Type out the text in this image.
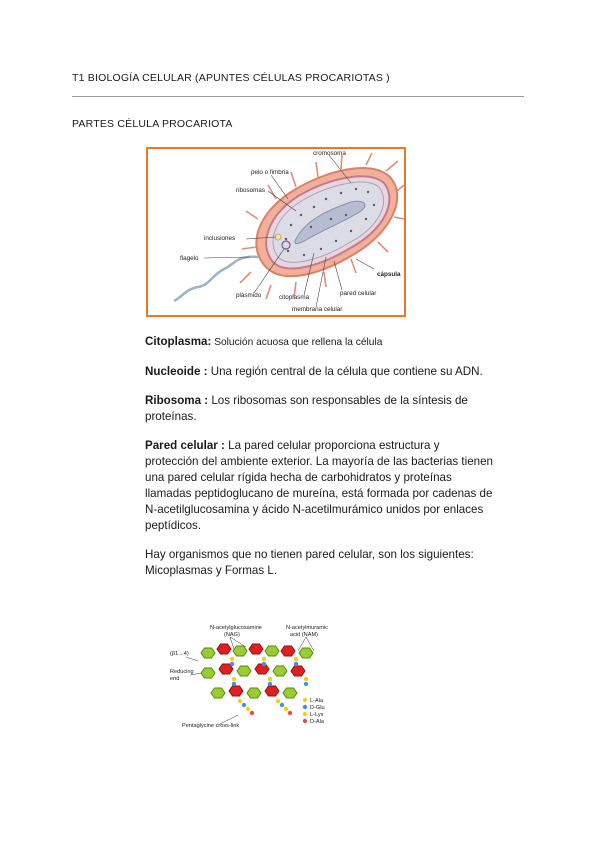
T1 BIOLOGÍA CELULAR (APUNTES CÉLULAS PROCARIOTAS )
PARTES CÉLULA PROCARIOTA
cromosoma
pelo o fimbria
ribosomas
inclusiones
flagelo
cápsula
pared celular
plásmido	citoplasma
membrana celular

Citoplasma: Solución acuosa que rellena la célula

Nucleoide : Una región central de la célula que contiene su ADN.

Ribosoma : Los ribosomas son responsables de la síntesis de proteínas.

Pared celular : La pared celular proporciona estructura y protección del ambiente exterior. La mayoría de las bacterias tienen una pared celular rígida hecha de carbohidratos y proteínas llamadas peptidoglucano de mureína, está formada por cadenas de N-acetilglucosamina y ácido N-acetilmurámico unidos por enlaces peptídicos.

Hay organismos que no tienen pared celular, son los siguientes: Micoplasmas y Formas L.

N-acetylglucosamine
(NAG)
N-acetylmuramic
acid (NAM)
(β1→4)
Reducing
end
L-Ala
D-Glu
L-Lys
D-Ala
Pentaglycine cross-link
